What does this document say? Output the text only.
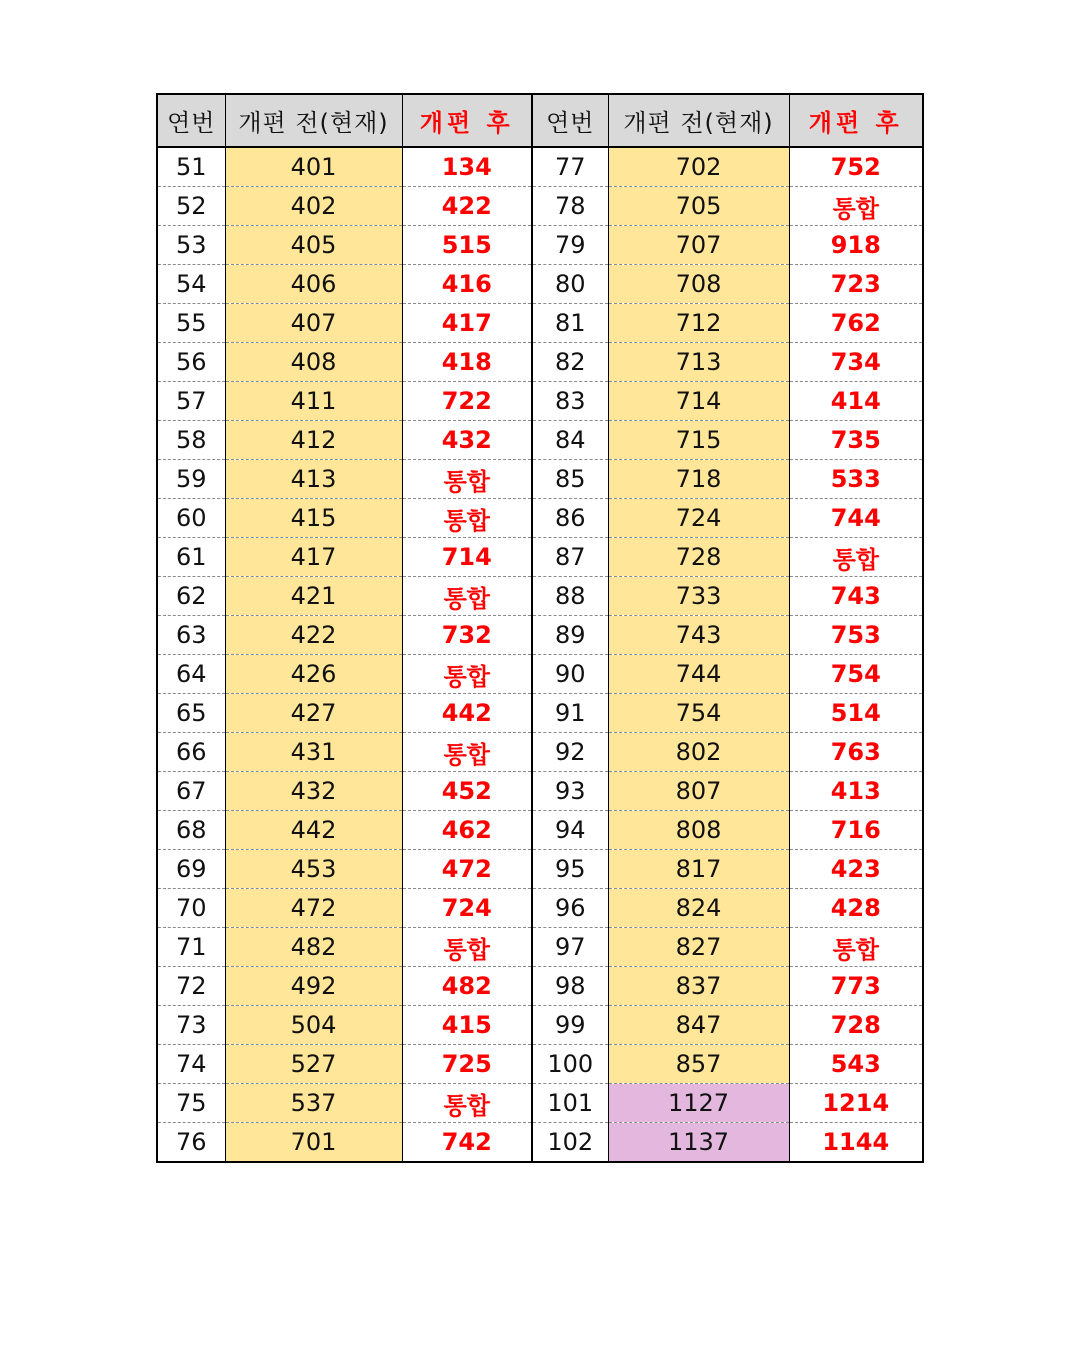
연번	개편 전(현재)	개편 후	연번	개편 전(현재)	개편 후
51	401	134	77	702	752
52	402	422	78	705	통합
53	405	515	79	707	918
54	406	416	80	708	723
55	407	417	81	712	762
56	408	418	82	713	734
57	411	722	83	714	414
58	412	432	84	715	735
59	413	통합	85	718	533
60	415	통합	86	724	744
61	417	714	87	728	통합
62	421	통합	88	733	743
63	422	732	89	743	753
64	426	통합	90	744	754
65	427	442	91	754	514
66	431	통합	92	802	763
67	432	452	93	807	413
68	442	462	94	808	716
69	453	472	95	817	423
70	472	724	96	824	428
71	482	통합	97	827	통합
72	492	482	98	837	773
73	504	415	99	847	728
74	527	725	100	857	543
75	537	통합	101	1127	1214
76	701	742	102	1137	1144
